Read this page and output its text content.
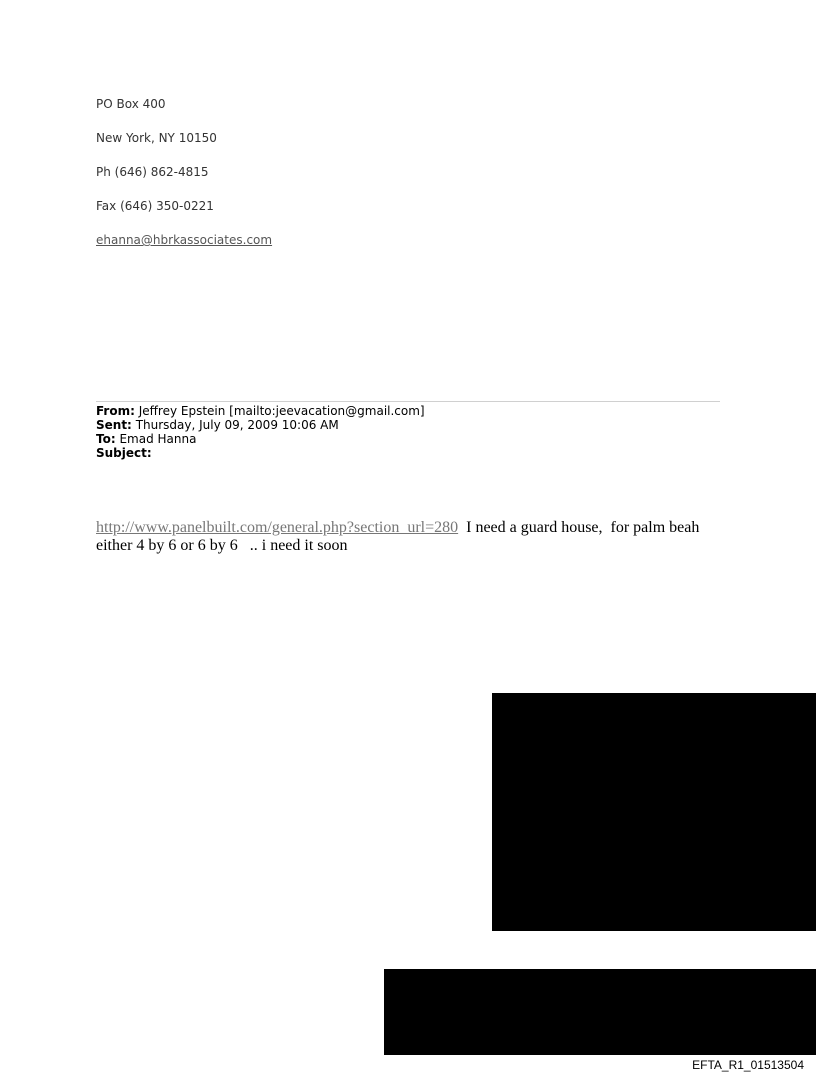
PO Box 400
New York, NY 10150
Ph (646) 862-4815
Fax (646) 350-0221
ehanna@hbrkassociates.com
From: Jeffrey Epstein [mailto:jeevacation@gmail.com]
Sent: Thursday, July 09, 2009 10:06 AM
To: Emad Hanna
Subject:
http://www.panelbuilt.com/general.php?section_url=280 I need a guard house,  for palm beah
either 4 by 6 or 6 by 6   .. i need it soon
EFTA_R1_01513504
